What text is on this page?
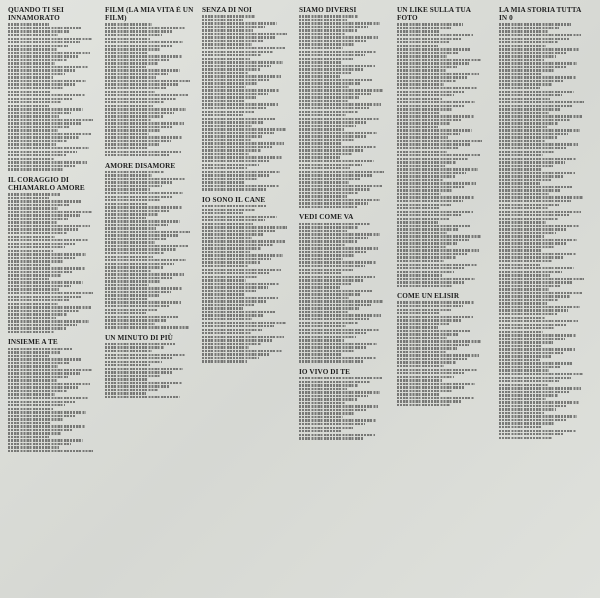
QUANDO TI SEI INNAMORATO
IL CORAGGIO DI CHIAMARLO AMORE
INSIEME A TE
FILM (LA MIA VITA È UN FILM)
AMORE DISAMORE
UN MINUTO DI PIÙ
SENZA DI NOI
IO SONO IL CANE
SIAMO DIVERSI
VEDI COME VA
IO VIVO DI TE
UN LIKE SULLA TUA FOTO
COME UN ELISIR
LA MIA STORIA TUTTA IN 0
